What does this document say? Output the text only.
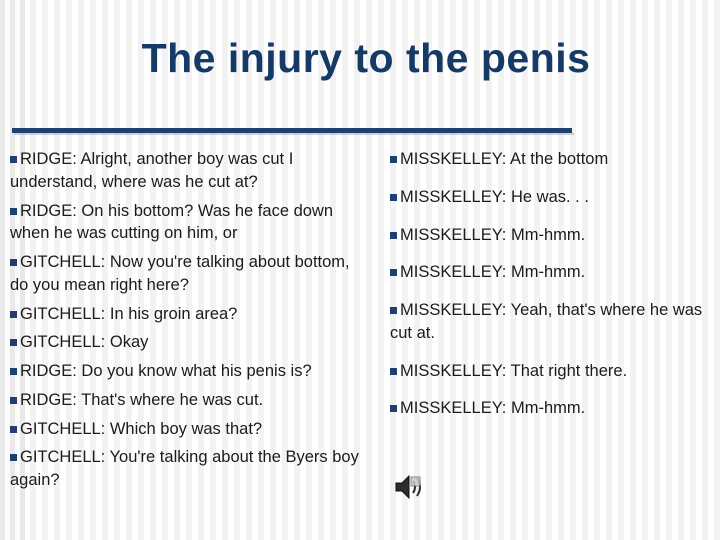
The injury to the penis

RIDGE: Alright, another boy was cut I understand, where was he cut at?

RIDGE: On his bottom? Was he face down when he was cutting on him, or

GITCHELL: Now you're talking about bottom, do you mean right here?

GITCHELL: In his groin area?

GITCHELL: Okay

RIDGE: Do you know what his penis is?

RIDGE: That's where he was cut.

GITCHELL: Which boy was that?

GITCHELL: You're talking about the Byers boy again?

MISSKELLEY: At the bottom

MISSKELLEY: He was. . .

MISSKELLEY: Mm-hmm.

MISSKELLEY: Mm-hmm.

MISSKELLEY: Yeah, that's where he was cut at.

MISSKELLEY: That right there.

MISSKELLEY: Mm-hmm.
